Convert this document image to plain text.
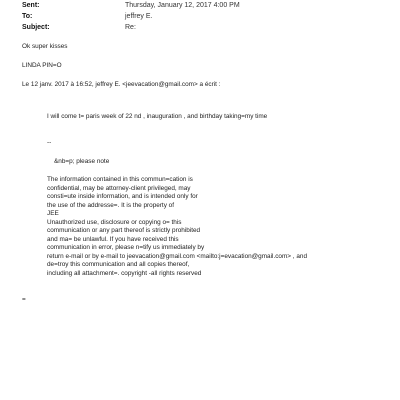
Sent:	Thursday, January 12, 2017 4:00 PM
To:	jeffrey E.
Subject:	Re:
Ok super kisses
LINDA PIN=O
Le 12 janv. 2017 à 16:52, jeffrey E. <jeevacation@gmail.com> a écrit :
I will come t= paris week of 22 nd , inauguration , and birthday taking=my time
--
&nb=p; please note
The information contained in this commun=cation is
confidential, may be attorney-client privileged, may
consti=ute inside information, and is intended only for
the use of the addresse=. It is the property of
JEE
Unauthorized use, disclosure or copying o= this
communication or any part thereof is strictly prohibited
and ma= be unlawful. If you have received this
communication in error, please n=tify us immediately by
return e-mail or by e-mail to jeevacation@gmail.com <mailto:j=evacation@gmail.com> , and
de=troy this communication and all copies thereof,
including all attachment=. copyright -all rights reserved
=
